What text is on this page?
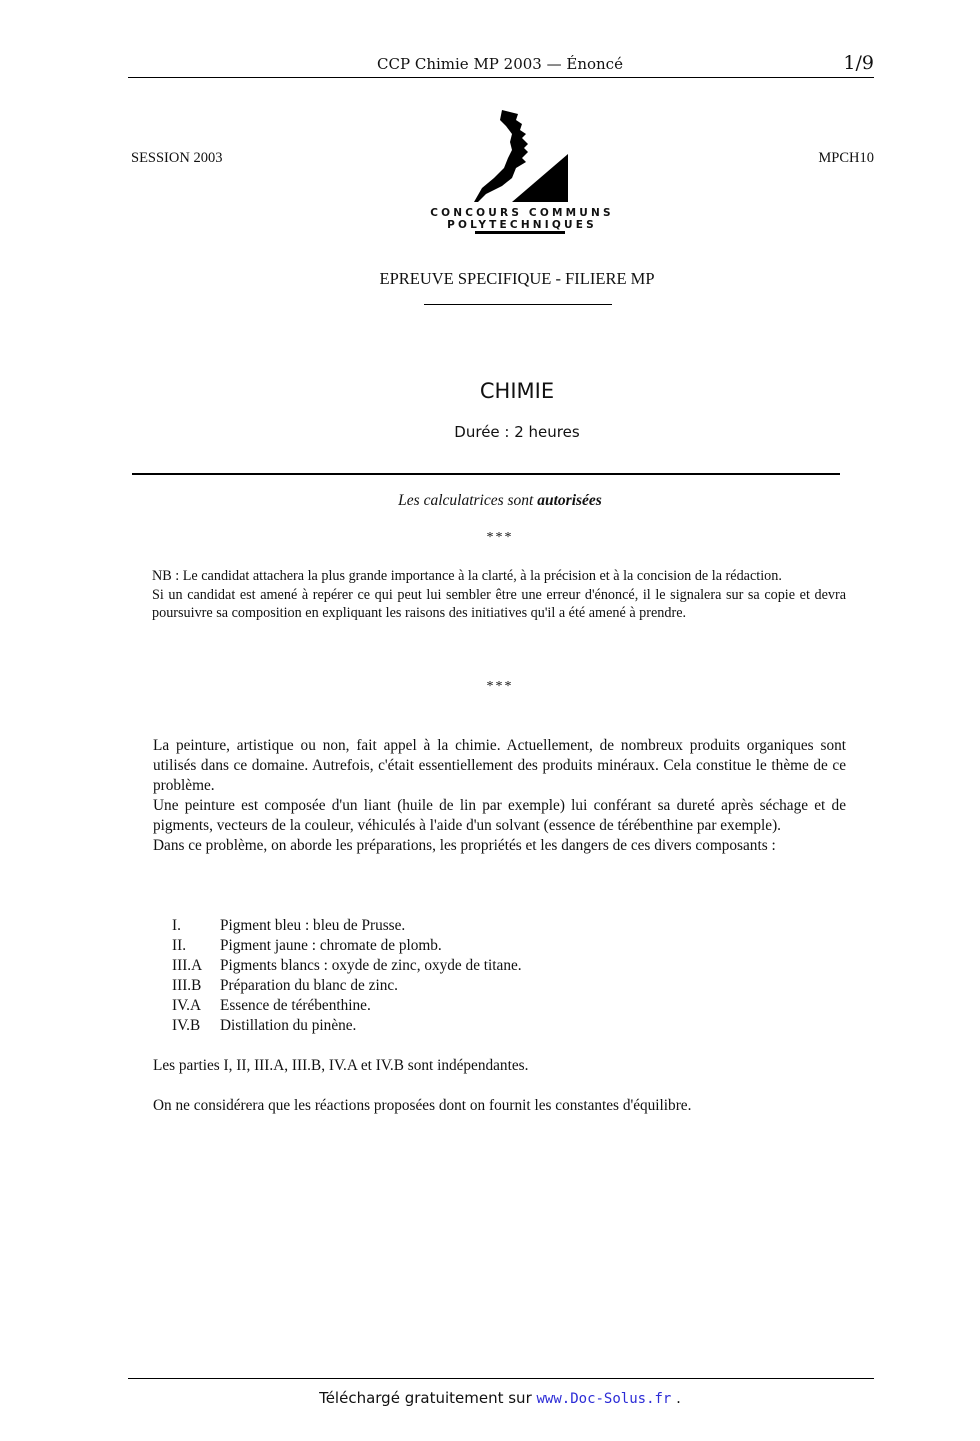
CCP Chimie MP 2003 — Énoncé	1/9
SESSION 2003	MPCH10
CONCOURS COMMUNS POLYTECHNIQUES
EPREUVE SPECIFIQUE - FILIERE MP
CHIMIE
Durée : 2 heures
Les calculatrices sont autorisées
***

NB : Le candidat attachera la plus grande importance à la clarté, à la précision et à la concision de la rédaction.

Si un candidat est amené à repérer ce qui peut lui sembler être une erreur d'énoncé, il le signalera sur sa copie et devra poursuivre sa composition en expliquant les raisons des initiatives qu'il a été amené à prendre.

***

La peinture, artistique ou non, fait appel à la chimie. Actuellement, de nombreux produits organiques sont utilisés dans ce domaine. Autrefois, c'était essentiellement des produits minéraux. Cela constitue le thème de ce problème.

Une peinture est composée d'un liant (huile de lin par exemple) lui conférant sa dureté après séchage et de pigments, vecteurs de la couleur, véhiculés à l'aide d'un solvant (essence de térébenthine par exemple).

Dans ce problème, on aborde les préparations, les propriétés et les dangers de ces divers composants :

I.	Pigment bleu : bleu de Prusse.
II.	Pigment jaune : chromate de plomb.
III.A	Pigments blancs : oxyde de zinc, oxyde de titane.
III.B	Préparation du blanc de zinc.
IV.A	Essence de térébenthine.
IV.B	Distillation du pinène.
Les parties I, II, III.A, III.B, IV.A et IV.B sont indépendantes.
On ne considérera que les réactions proposées dont on fournit les constantes d'équilibre.
Téléchargé gratuitement sur www.Doc-Solus.fr .
